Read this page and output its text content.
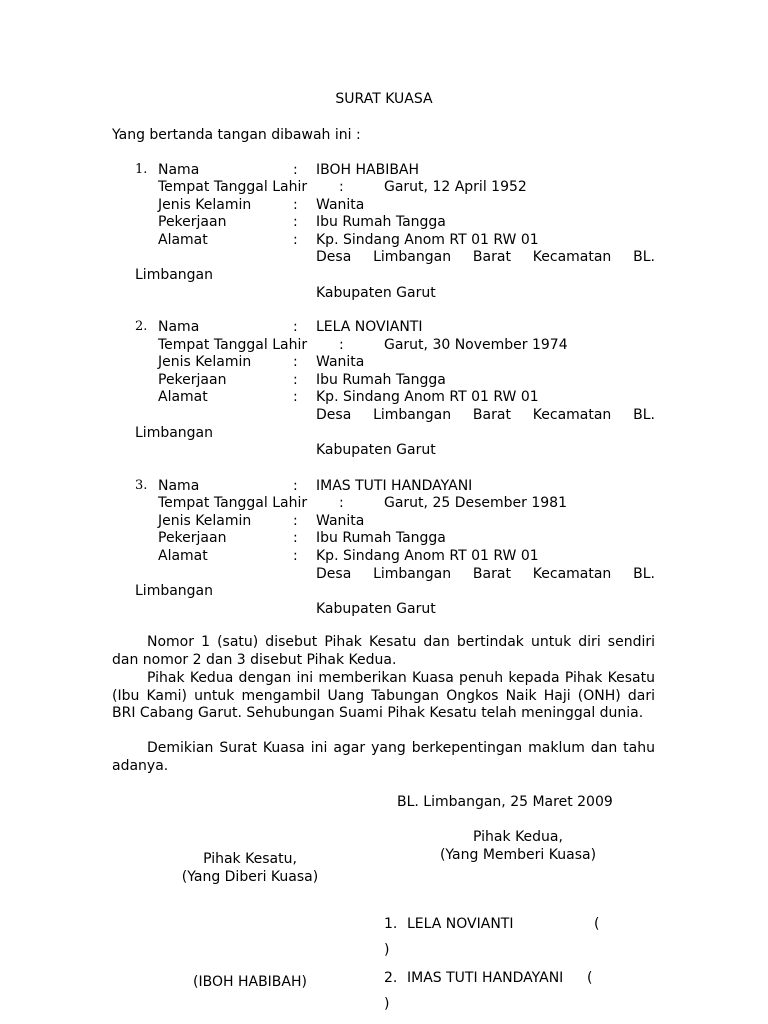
SURAT KUASA
Yang bertanda tangan dibawah ini :
1. Nama	: IBOH HABIBAH
Tempat Tanggal Lahir :	Garut, 12 April 1952
Jenis Kelamin	: Wanita
Pekerjaan	: Ibu Rumah Tangga
Alamat	: Kp. Sindang Anom RT 01 RW 01
Desa  Limbangan  Barat  Kecamatan  BL.
Limbangan
Kabupaten Garut
2. Nama	: LELA NOVIANTI
Tempat Tanggal Lahir :	Garut, 30 November 1974
Jenis Kelamin	: Wanita
Pekerjaan	: Ibu Rumah Tangga
Alamat	: Kp. Sindang Anom RT 01 RW 01
Desa  Limbangan  Barat  Kecamatan  BL.
Limbangan
Kabupaten Garut
3. Nama	: IMAS TUTI HANDAYANI
Tempat Tanggal Lahir :	Garut, 25 Desember 1981
Jenis Kelamin	: Wanita
Pekerjaan	: Ibu Rumah Tangga
Alamat	: Kp. Sindang Anom RT 01 RW 01
Desa  Limbangan  Barat  Kecamatan  BL.
Limbangan
Kabupaten Garut
Nomor 1 (satu) disebut Pihak Kesatu dan bertindak untuk diri sendiri dan nomor 2 dan 3 disebut Pihak Kedua.
Pihak Kedua dengan ini memberikan Kuasa penuh kepada Pihak Kesatu (Ibu Kami) untuk mengambil Uang Tabungan Ongkos Naik Haji (ONH) dari BRI Cabang Garut. Sehubungan Suami Pihak Kesatu telah meninggal dunia.
Demikian Surat Kuasa ini agar yang berkepentingan maklum dan tahu adanya.
BL. Limbangan, 25 Maret 2009
Pihak Kedua,
(Yang Memberi Kuasa)
Pihak Kesatu,
(Yang Diberi Kuasa)
1. LELA NOVIANTI	(
)
2. IMAS TUTI HANDAYANI (
)
(IBOH HABIBAH)
